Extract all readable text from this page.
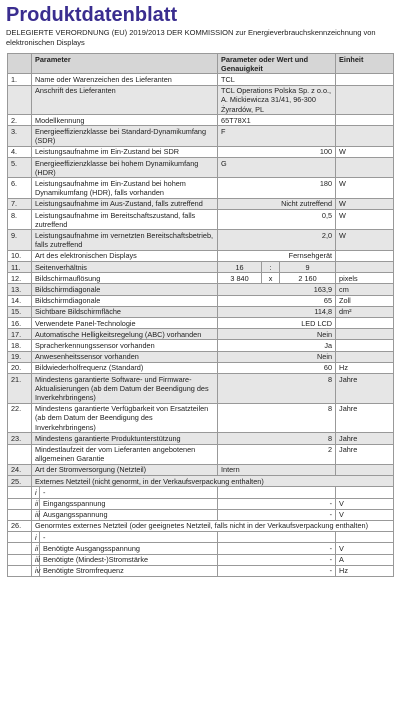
Produktdatenblatt
DELEGIERTE VERORDNUNG (EU) 2019/2013 DER KOMMISSION zur Energieverbrauchskennzeichnung von elektronischen Displays
	Parameter		Parameter oder Wert und Genauigkeit			Einheit
1.	Name oder Warenzeichen des Lieferanten		TCL			
	Anschrift des Lieferanten		TCL Operations Polska Sp. z o.o., A. Mickiewicza 31/41, 96-300 Żyrardów, PL			
2.	Modellkennung		65T78X1			
3.	Energieeffizienzklasse bei Standard-Dynamikumfang (SDR)		F			
4.	Leistungsaufnahme im Ein-Zustand bei SDR		100			W
5.	Energieeffizienzklasse bei hohem Dynamikumfang (HDR)		G			
6.	Leistungsaufnahme im Ein-Zustand bei hohem Dynamikumfang (HDR), falls vorhanden		180			W
7.	Leistungsaufnahme im Aus-Zustand, falls zutreffend		Nicht zutreffend			W
8.	Leistungsaufnahme im Bereitschaftszustand, falls zutreffend		0,5			W
9.	Leistungsaufnahme im vernetzten Bereitschaftsbetrieb, falls zutreffend		2,0			W
10.	Art des elektronischen Displays		Fernsehgerät			
11.	Seitenverhältnis		16	:	9	
12.	Bildschirmauflösung		3 840	x	2 160	pixels
13.	Bildschirmdiagonale		163,9			cm
14.	Bildschirmdiagonale		65			Zoll
15.	Sichtbare Bildschirmfläche		114,8			dm²
16.	Verwendete Panel-Technologie		LED LCD			
17.	Automatische Helligkeitsregelung (ABC) vorhanden		Nein			
18.	Spracherkennungssensor vorhanden		Ja			
19.	Anwesenheitssensor vorhanden		Nein			
20.	Bildwiederholfrequenz (Standard)		60			Hz
21.	Mindestens garantierte Software- und Firmware-Aktualisierungen (ab dem Datum der Beendigung des Inverkehrbringens)		8			Jahre
22.	Mindestens garantierte Verfügbarkeit von Ersatzteilen (ab dem Datum der Beendigung des Inverkehrbringens)		8			Jahre
23.	Mindestens garantierte Produktunterstützung		8			Jahre
	Mindestlaufzeit der vom Lieferanten angebotenen allgemeinen Garantie		2			Jahre
24.	Art der Stromversorgung (Netzteil)		Intern			
25.	Externes Netzteil (nicht genormt, in der Verkaufsverpackung enthalten)					
	i	-				
	ii	Eingangsspannung	-			V
	iii	Ausgangsspannung	-			V
26.	Genormtes externes Netzteil (oder geeignetes Netzteil, falls nicht in der Verkaufsverpackung enthalten)					
	i	-				
	ii	Benötigte Ausgangsspannung	-			V
	iii	Benötigte (Mindest-)Stromstärke	-			A
	iv	Benötigte Stromfrequenz	-			Hz
